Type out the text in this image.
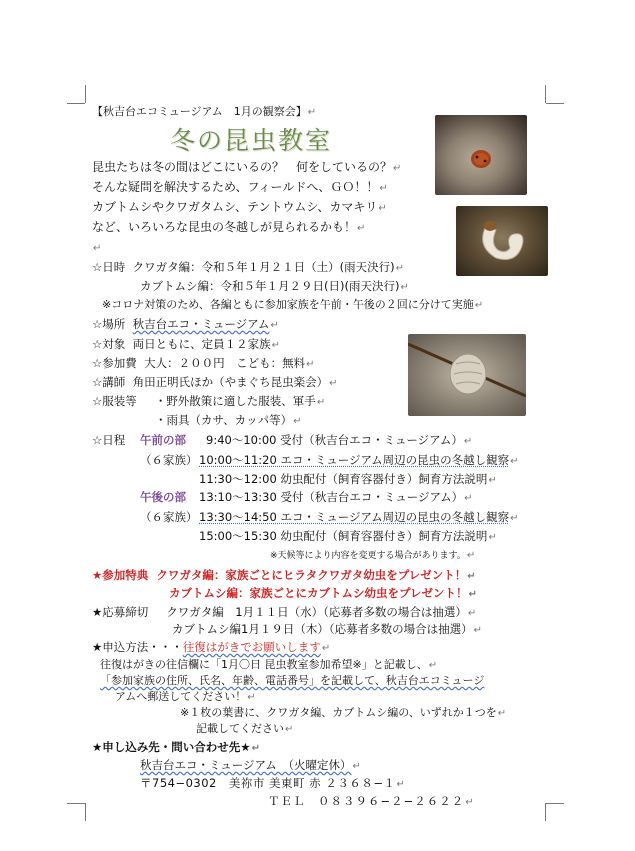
【秋吉台エコミュージアム　1月の観察会】↵
冬の昆虫教室
昆虫たちは冬の間はどこにいるの？　何をしているの？↵
そんな疑問を解決するため、フィールドへ、ＧＯ！！↵
カブトムシやクワガタムシ、テントウムシ、カマキリ↵
など、いろいろな昆虫の冬越しが見られるかも！↵
↵
☆日時 クワガタ編：令和５年１月２１日（土）(雨天決行)↵
カブトムシ編：令和５年１月２９日(日)(雨天決行)↵
※コロナ対策のため、各編ともに参加家族を午前・午後の２回に分けて実施↵
☆場所 秋吉台エコ・ミュージアム↵
☆対象 両日ともに、定員１２家族↵
☆参加費 大人：２００円　こども：無料↵
☆講師 角田正明氏ほか（やまぐち昆虫楽会）↵
☆服装等 ・野外散策に適した服装、軍手↵
・雨具（カサ、カッパ等）↵
☆日程 午前の部 9:40〜10:00 受付（秋吉台エコ・ミュージアム）↵
（６家族） 10:00〜11:20 エコ・ミュージアム周辺の昆虫の冬越し観察↵
11:30〜12:00 幼虫配付（飼育容器付き）飼育方法説明↵
午後の部 13:10〜13:30 受付（秋吉台エコ・ミュージアム）↵
（６家族） 13:30〜14:50 エコ・ミュージアム周辺の昆虫の冬越し観察↵
15:00〜15:30 幼虫配付（飼育容器付き）飼育方法説明↵
※天候等により内容を変更する場合があります。↵
★参加特典 クワガタ編：家族ごとにヒラタクワガタ幼虫をプレゼント！↵
カブトムシ編：家族ごとにカブトムシ幼虫をプレゼント！↵
★応募締切 クワガタ編　1月１１日（水）（応募者多数の場合は抽選）↵
カブトムシ編1月１９日（木）（応募者多数の場合は抽選）↵
★申込方法・・・往復はがきでお願いします↵
往復はがきの往信欄に「1月〇日 昆虫教室参加希望※」と記載し、↵
「参加家族の住所、氏名、年齢、電話番号」を記載して、秋吉台エコミュージ
アムへ郵送してください！↵
※１枚の葉書に、クワガタ編、カブトムシ編の、いずれか１つを↵
記載してください↵
★申し込み先・問い合わせ先★↵
秋吉台エコ・ミュージアム　（火曜定休）↵
〒754−0302　美祢市 美東町 赤 ２３６８−１↵
ＴＥＬ　０８３９６−２−２６２２↵
